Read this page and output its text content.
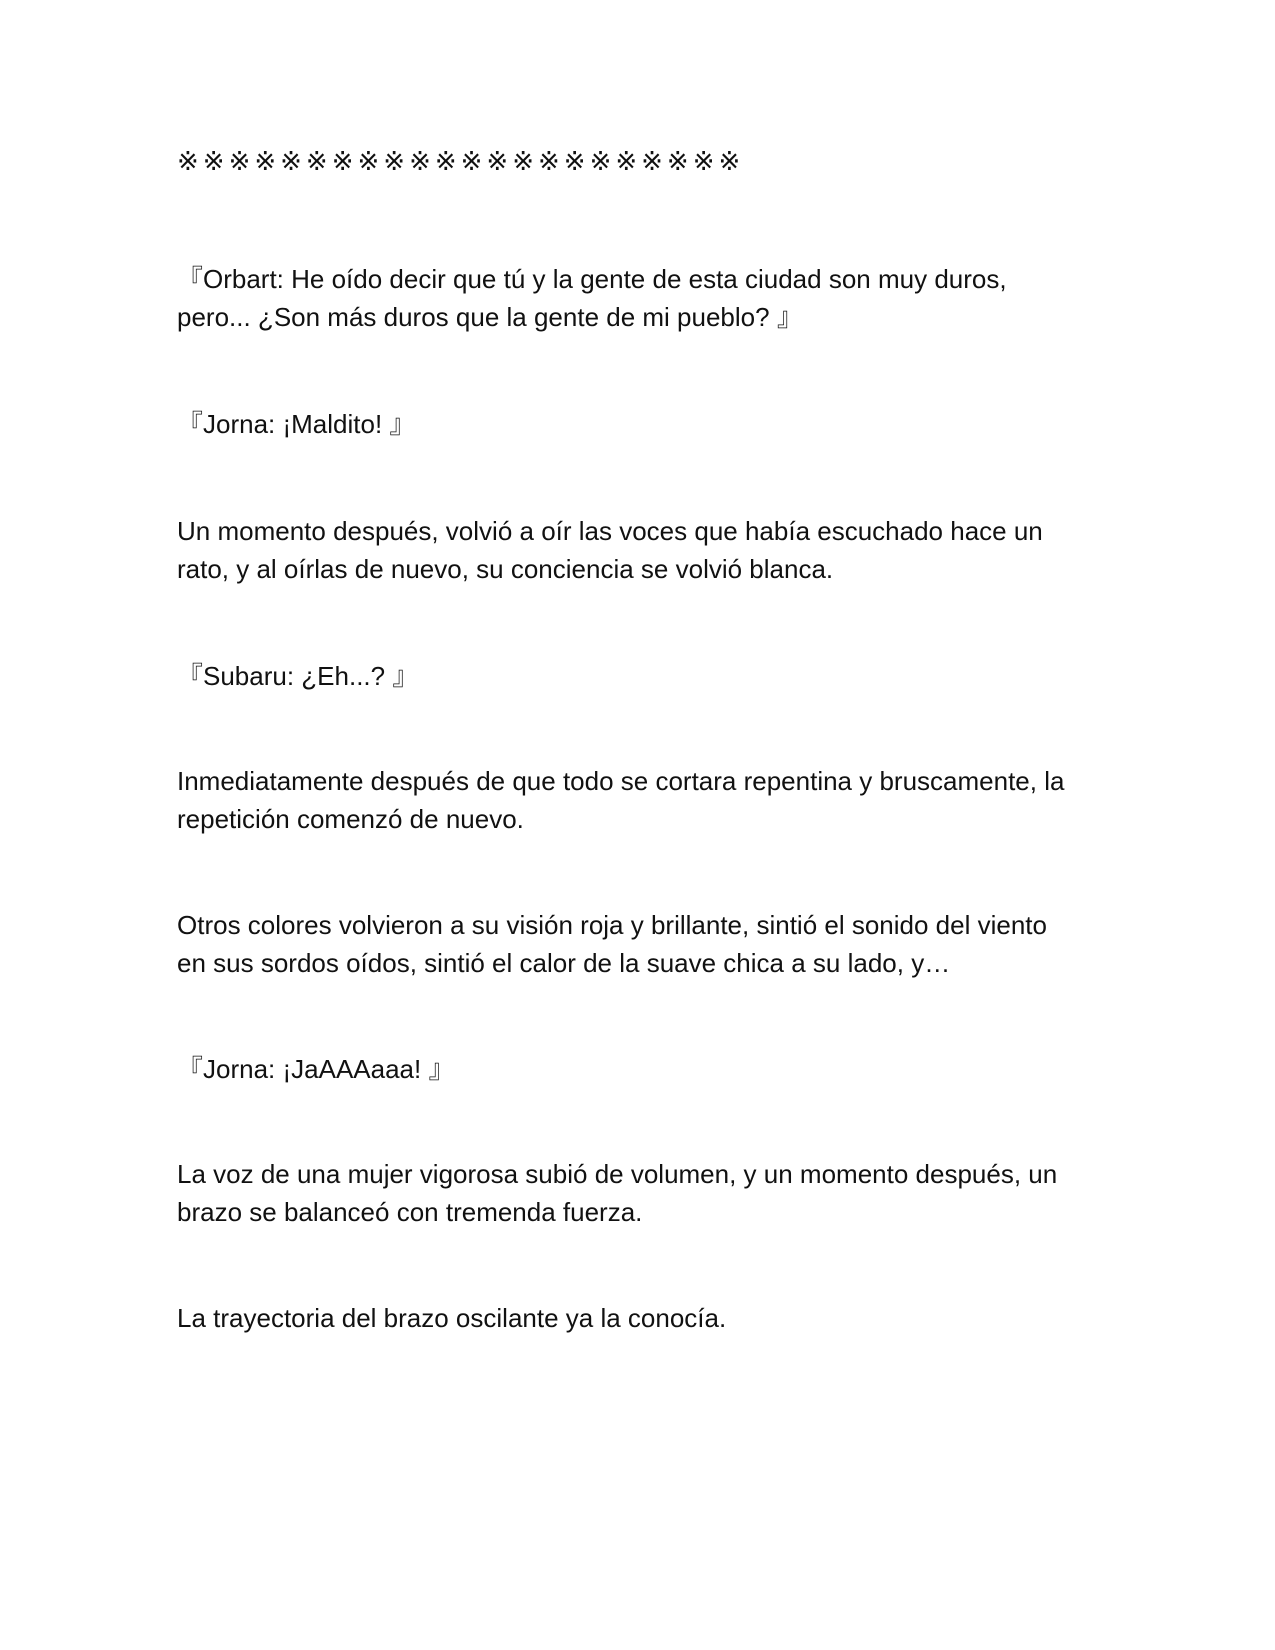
※※※※※※※※※※※※※※※※※※※※※※

『Orbart: He oído decir que tú y la gente de esta ciudad son muy duros,

pero... ¿Son más duros que la gente de mi pueblo? 』

『Jorna: ¡Maldito! 』

Un momento después, volvió a oír las voces que había escuchado hace un

rato, y al oírlas de nuevo, su conciencia se volvió blanca.

『Subaru: ¿Eh...? 』

Inmediatamente después de que todo se cortara repentina y bruscamente, la

repetición comenzó de nuevo.

Otros colores volvieron a su visión roja y brillante, sintió el sonido del viento

en sus sordos oídos, sintió el calor de la suave chica a su lado, y…

『Jorna: ¡JaAAAaaa! 』

La voz de una mujer vigorosa subió de volumen, y un momento después, un

brazo se balanceó con tremenda fuerza.

La trayectoria del brazo oscilante ya la conocía.
